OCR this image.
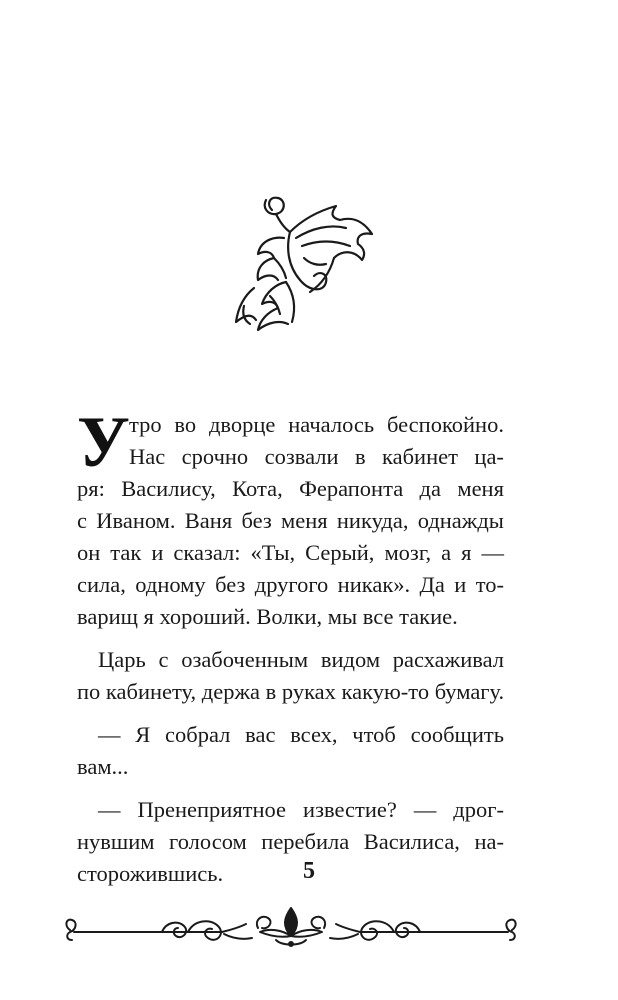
У тро во дворце началось беспокойно.
Нас срочно созвали в кабинет ца-
ря: Василису, Кота, Ферапонта да меня
с Иваном. Ваня без меня никуда, однажды
он так и сказал: «Ты, Серый, мозг, а я —
сила, одному без другого никак». Да и то-
варищ я хороший. Волки, мы все такие.
Царь с озабоченным видом расхаживал
по кабинету, держа в руках какую-то бумагу.
— Я собрал вас всех, чтоб сообщить
вам...
— Пренеприятное известие? — дрог-
нувшим голосом перебила Василиса, на-
сторожившись.	5
